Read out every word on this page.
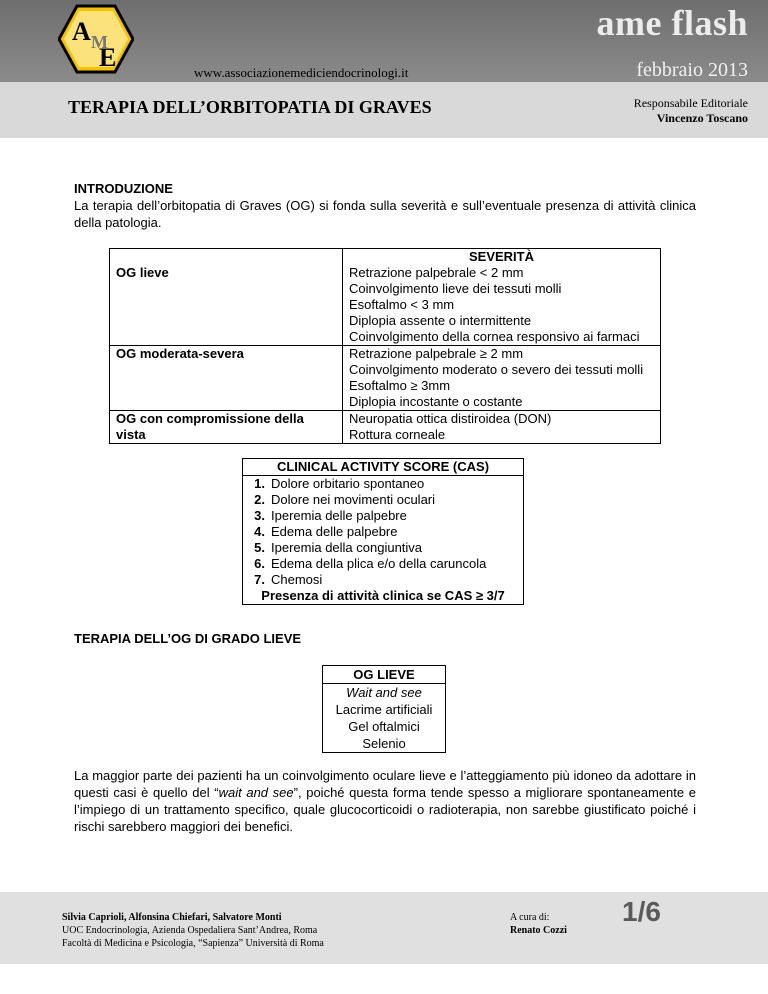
A M
E
ame flash
www.associazionemediciendocrinologi.it	febbraio 2013
TERAPIA DELL’ORBITOPATIA DI GRAVES	Responsabile Editoriale
Vincenzo Toscano
INTRODUZIONE
La terapia dell’orbitopatia di Graves (OG) si fonda sulla severità e sull’eventuale presenza di attività clinica della patologia.
	SEVERITÀ
OG lieve	Retrazione palpebrale < 2 mm
Coinvolgimento lieve dei tessuti molli
Esoftalmo < 3 mm
Diplopia assente o intermittente
Coinvolgimento della cornea responsivo ai farmaci

OG moderata-severa	Retrazione palpebrale ≥ 2 mm
Coinvolgimento moderato o severo dei tessuti molli
Esoftalmo ≥ 3mm
Diplopia incostante o costante

OG con compromissione della vista	Neuropatia ottica distiroidea (DON)
Rottura corneale
CLINICAL ACTIVITY SCORE (CAS)

1. Dolore orbitario spontaneo
2. Dolore nei movimenti oculari
3. Iperemia delle palpebre
4. Edema delle palpebre
5. Iperemia della congiuntiva
6. Edema della plica e/o della caruncola
7. Chemosi

Presenza di attività clinica se CAS ≥ 3/7
TERAPIA DELL’OG DI GRADO LIEVE
OG LIEVE
Wait and see
Lacrime artificiali
Gel oftalmici
Selenio
La maggior parte dei pazienti ha un coinvolgimento oculare lieve e l’atteggiamento più idoneo da adottare in questi casi è quello del “wait and see”, poiché questa forma tende spesso a migliorare spontaneamente e l’impiego di un trattamento specifico, quale glucocorticoidi o radioterapia, non sarebbe giustificato poiché i rischi sarebbero maggiori dei benefici.
Silvia Caprioli, Alfonsina Chiefari, Salvatore Monti
UOC Endocrinologia, Azienda Ospedaliera Sant’Andrea, Roma
Facoltà di Medicina e Psicologia, “Sapienza” Università di Roma
A cura di:
Renato Cozzi
1/6
